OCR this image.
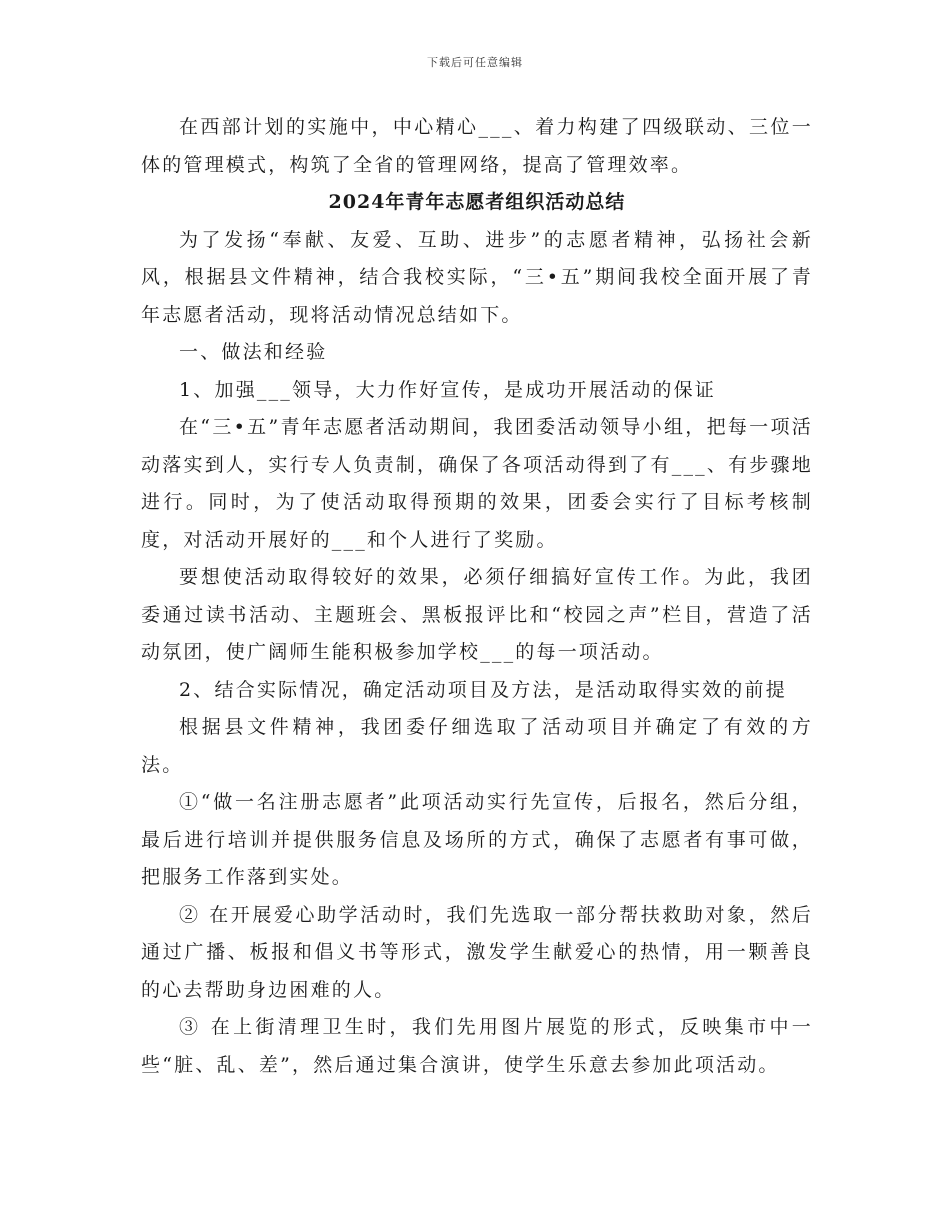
下载后可任意编辑

在西部计划的实施中，中心精心___、着力构建了四级联动、三位一体的管理模式，构筑了全省的管理网络，提高了管理效率。

2024年青年志愿者组织活动总结

为了发扬“奉献、友爱、互助、进步”的志愿者精神，弘扬社会新风，根据县文件精神，结合我校实际，“三•五”期间我校全面开展了青年志愿者活动，现将活动情况总结如下。

一、做法和经验

1、加强___领导，大力作好宣传，是成功开展活动的保证

在“三•五”青年志愿者活动期间，我团委活动领导小组，把每一项活动落实到人，实行专人负责制，确保了各项活动得到了有___、有步骤地进行。同时，为了使活动取得预期的效果，团委会实行了目标考核制度，对活动开展好的___和个人进行了奖励。

要想使活动取得较好的效果，必须仔细搞好宣传工作。为此，我团委通过读书活动、主题班会、黑板报评比和“校园之声”栏目，营造了活动氛团，使广阔师生能积极参加学校___的每一项活动。

2、结合实际情况，确定活动项目及方法，是活动取得实效的前提

根据县文件精神，我团委仔细选取了活动项目并确定了有效的方法。

①“做一名注册志愿者”此项活动实行先宣传，后报名，然后分组，最后进行培训并提供服务信息及场所的方式，确保了志愿者有事可做，把服务工作落到实处。

② 在开展爱心助学活动时，我们先选取一部分帮扶救助对象，然后通过广播、板报和倡义书等形式，激发学生献爱心的热情，用一颗善良的心去帮助身边困难的人。

③ 在上街清理卫生时，我们先用图片展览的形式，反映集市中一些“脏、乱、差”，然后通过集合演讲，使学生乐意去参加此项活动。
